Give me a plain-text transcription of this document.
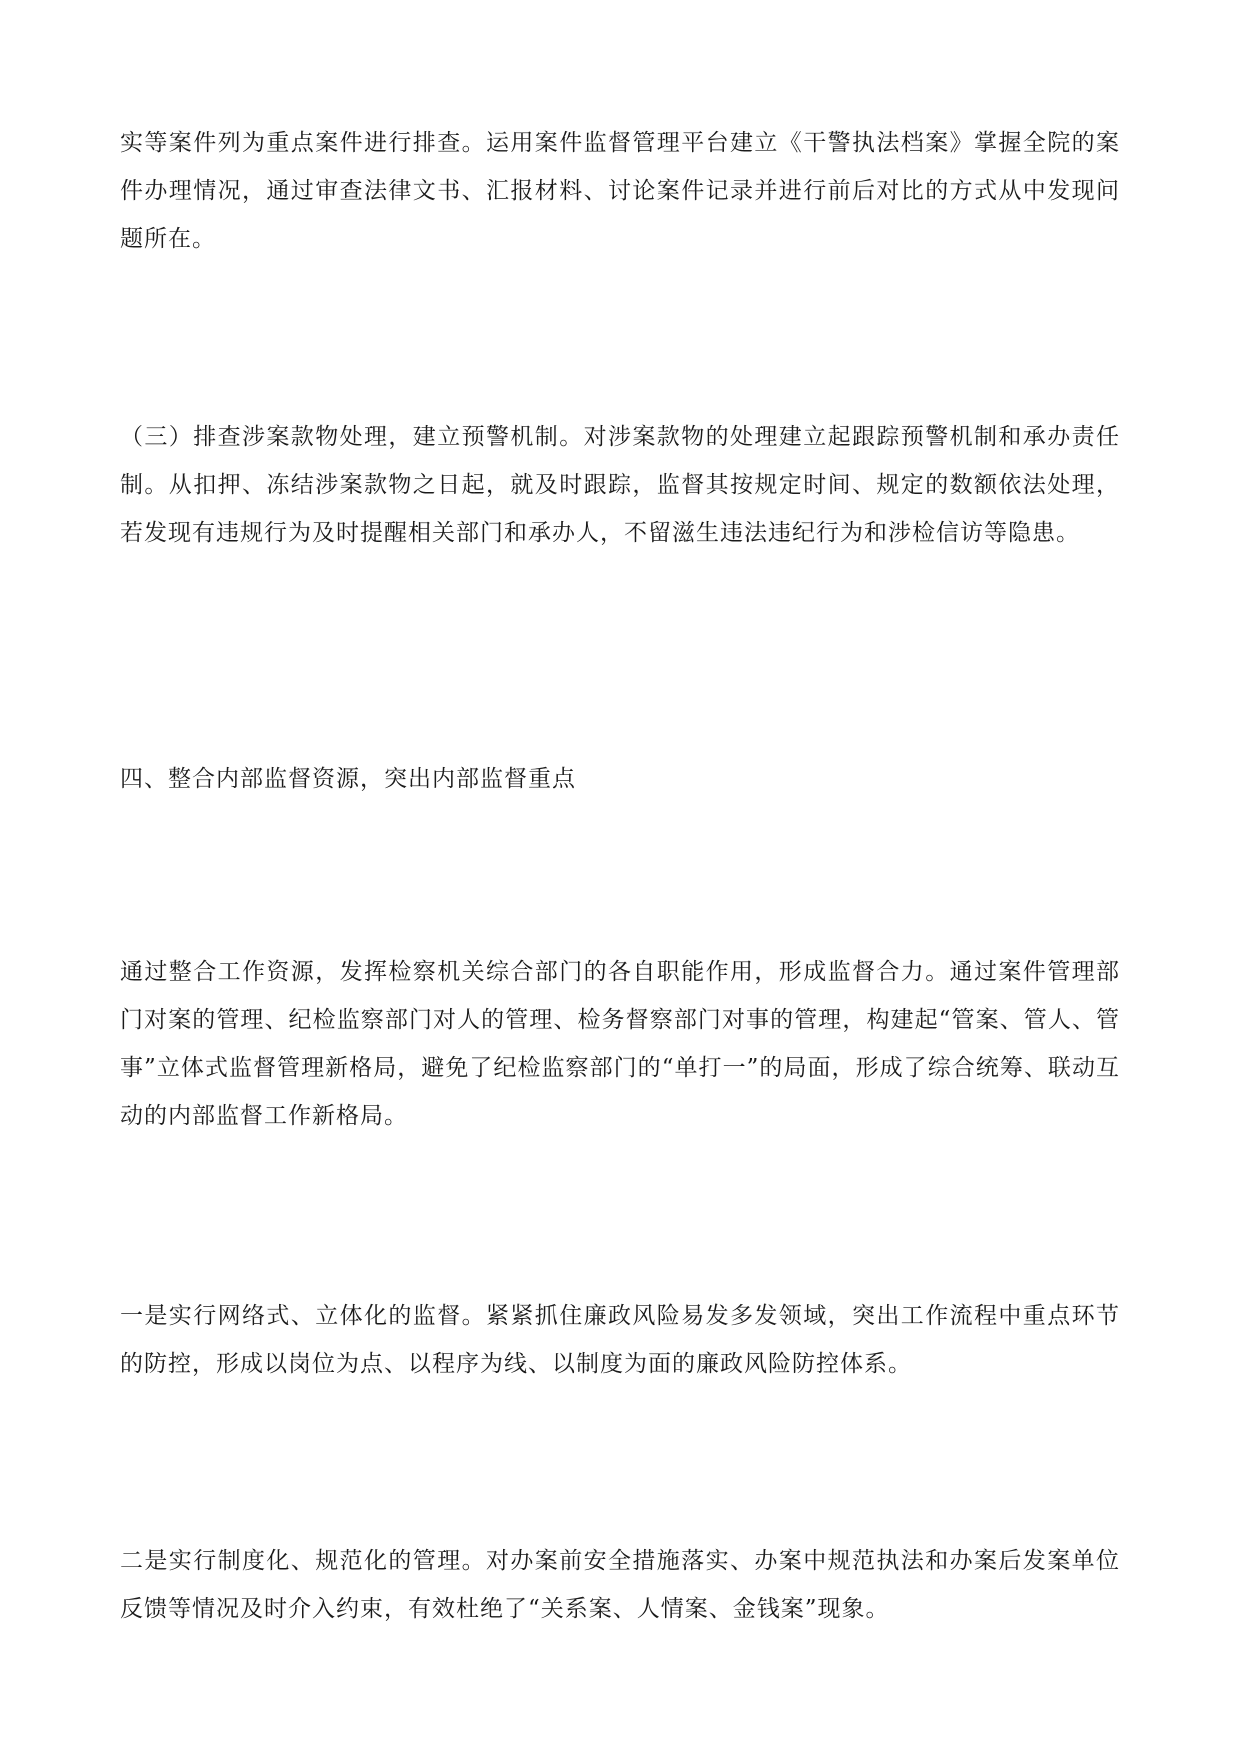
实等案件列为重点案件进行排查。运用案件监督管理平台建立《干警执法档案》掌握全院的案件办理情况，通过审查法律文书、汇报材料、讨论案件记录并进行前后对比的方式从中发现问题所在。

（三）排查涉案款物处理，建立预警机制。对涉案款物的处理建立起跟踪预警机制和承办责任制。从扣押、冻结涉案款物之日起，就及时跟踪，监督其按规定时间、规定的数额依法处理，若发现有违规行为及时提醒相关部门和承办人，不留滋生违法违纪行为和涉检信访等隐患。

四、整合内部监督资源，突出内部监督重点

通过整合工作资源，发挥检察机关综合部门的各自职能作用，形成监督合力。通过案件管理部门对案的管理、纪检监察部门对人的管理、检务督察部门对事的管理，构建起“管案、管人、管事”立体式监督管理新格局，避免了纪检监察部门的“单打一”的局面，形成了综合统筹、联动互动的内部监督工作新格局。

一是实行网络式、立体化的监督。紧紧抓住廉政风险易发多发领域，突出工作流程中重点环节的防控，形成以岗位为点、以程序为线、以制度为面的廉政风险防控体系。

二是实行制度化、规范化的管理。对办案前安全措施落实、办案中规范执法和办案后发案单位反馈等情况及时介入约束，有效杜绝了“关系案、人情案、金钱案”现象。
